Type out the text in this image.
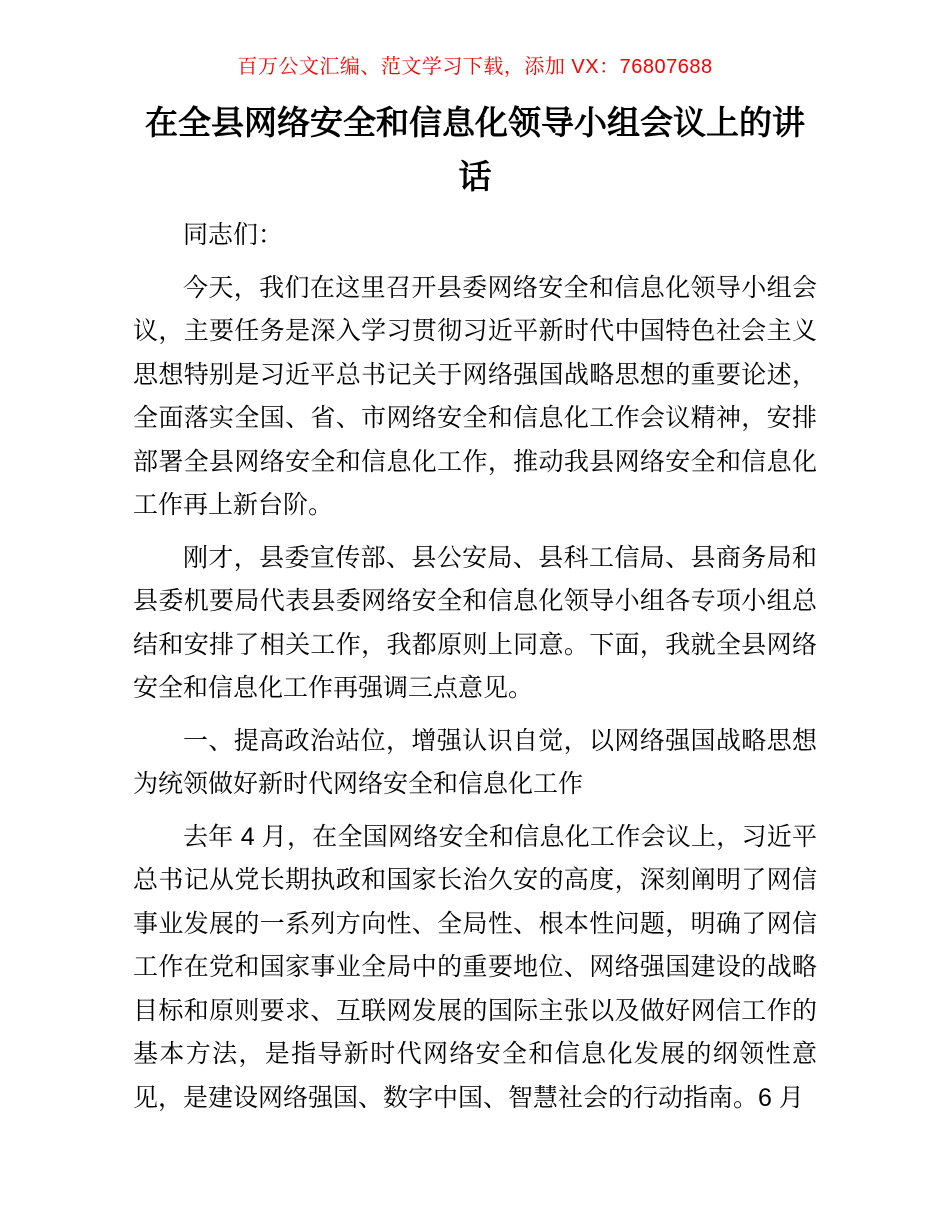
百万公文汇编、范文学习下载，添加 VX：76807688
在全县网络安全和信息化领导小组会议上的讲
话

同志们：

今天，我们在这里召开县委网络安全和信息化领导小组会议，主要任务是深入学习贯彻习近平新时代中国特色社会主义思想特别是习近平总书记关于网络强国战略思想的重要论述，全面落实全国、省、市网络安全和信息化工作会议精神，安排部署全县网络安全和信息化工作，推动我县网络安全和信息化工作再上新台阶。

刚才，县委宣传部、县公安局、县科工信局、县商务局和县委机要局代表县委网络安全和信息化领导小组各专项小组总结和安排了相关工作，我都原则上同意。下面，我就全县网络安全和信息化工作再强调三点意见。

一、提高政治站位，增强认识自觉，以网络强国战略思想为统领做好新时代网络安全和信息化工作

去年 4 月，在全国网络安全和信息化工作会议上，习近平总书记从党长期执政和国家长治久安的高度，深刻阐明了网信事业发展的一系列方向性、全局性、根本性问题，明确了网信工作在党和国家事业全局中的重要地位、网络强国建设的战略目标和原则要求、互联网发展的国际主张以及做好网信工作的基本方法，是指导新时代网络安全和信息化发展的纲领性意见，是建设网络强国、数字中国、智慧社会的行动指南。6 月
